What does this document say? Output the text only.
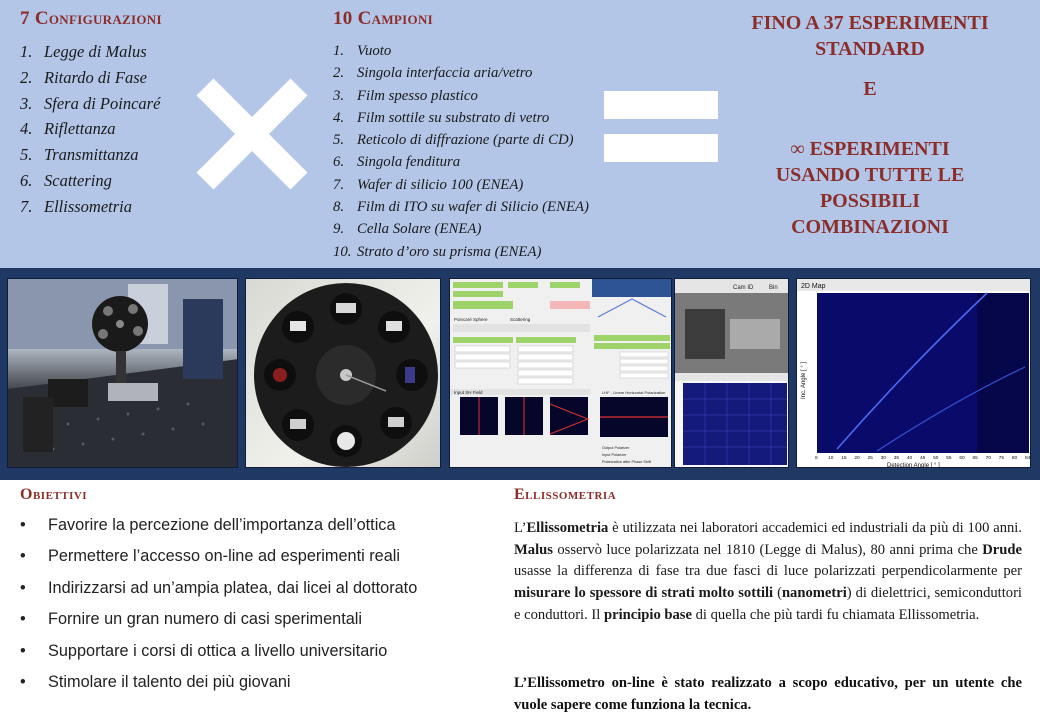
7 Configurazioni
1. Legge di Malus
2. Ritardo di Fase
3. Sfera di Poincaré
4. Riflettanza
5. Transmittanza
6. Scattering
7. Ellissometria
10 Campioni
1. Vuoto
2. Singola interfaccia aria/vetro
3. Film spesso plastico
4. Film sottile su substrato di vetro
5. Reticolo di diffrazione (parte di CD)
6. Singola fenditura
7. Wafer di silicio 100 (ENEA)
8. Film di ITO su wafer di Silicio (ENEA)
9. Cella Solare (ENEA)
10. Strato d’oro su prisma (ENEA)
FINO A 37 ESPERIMENTI
STANDARD
E
∞ ESPERIMENTI
USANDO TUTTE LE
POSSIBILI
COMBINAZIONI
Poincaré Sphere	Scattering
Input SH Field	LHF - Linear Horizontal Polarization
Output Polarizer
Input Polarizer
Polarization after Phase Shift
Cam ID	Bin	2D Map
Inc. Angle [ ° ]
Detection Angle [ ° ]
8 10 15 20 25 30 35 40 45 50 55 60 65 70 75 80 84
Obiettivi
•	Favorire la percezione dell’importanza dell’ottica
•	Permettere l’accesso on-line ad esperimenti reali
•	Indirizzarsi ad un’ampia platea, dai licei al dottorato
•	Fornire un gran numero di casi sperimentali
•	Supportare i corsi di ottica a livello universitario
•	Stimolare il talento dei più giovani
Ellissometria

L’Ellissometria è utilizzata nei laboratori accademici ed industriali da più di 100 anni. Malus osservò luce polarizzata nel 1810 (Legge di Malus), 80 anni prima che Drude usasse la differenza di fase tra due fasci di luce polarizzati perpendicolarmente per misurare lo spessore di strati molto sottili (nanometri) di dielettrici, semiconduttori e conduttori. Il principio base di quella che più tardi fu chiamata Ellissometria.

L’Ellissometro on-line è stato realizzato a scopo educativo, per un utente che vuole sapere come funziona la tecnica.
